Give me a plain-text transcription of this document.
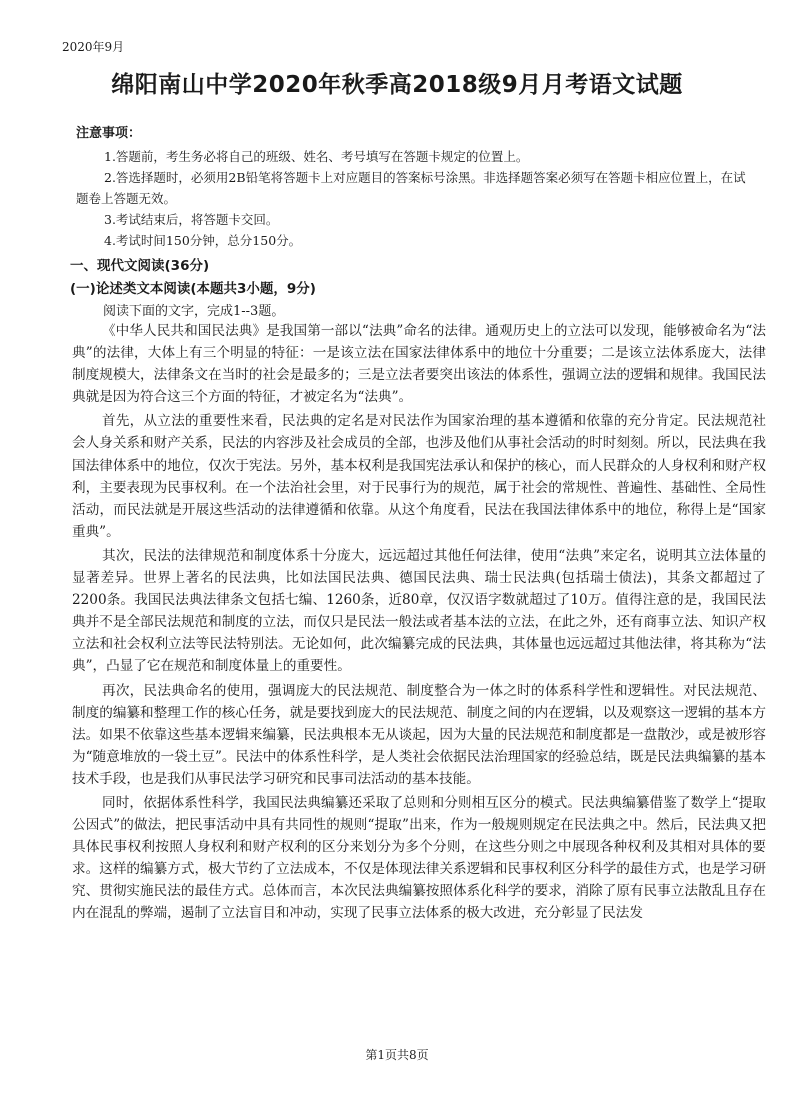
2020年9月
绵阳南山中学2020年秋季高2018级9月月考语文试题
注意事项：

1.答题前，考生务必将自己的班级、姓名、考号填写在答题卡规定的位置上。

2.答选择题时，必须用2B铅笔将答题卡上对应题目的答案标号涂黑。非选择题答案必须写在答题卡相应位置上，在试题卷上答题无效。

3.考试结束后，将答题卡交回。

4.考试时间150分钟，总分150分。

一、现代文阅读(36分)
(一)论述类文本阅读(本题共3小题，9分)
阅读下面的文字，完成1--3题。

《中华人民共和国民法典》是我国第一部以“法典”命名的法律。通观历史上的立法可以发现，能够被命名为“法典”的法律，大体上有三个明显的特征：一是该立法在国家法律体系中的地位十分重要；二是该立法体系庞大，法律制度规模大，法律条文在当时的社会是最多的；三是立法者要突出该法的体系性，强调立法的逻辑和规律。我国民法典就是因为符合这三个方面的特征，才被定名为“法典”。

首先，从立法的重要性来看，民法典的定名是对民法作为国家治理的基本遵循和依靠的充分肯定。民法规范社会人身关系和财产关系，民法的内容涉及社会成员的全部，也涉及他们从事社会活动的时时刻刻。所以，民法典在我国法律体系中的地位，仅次于宪法。另外，基本权利是我国宪法承认和保护的核心，而人民群众的人身权利和财产权利，主要表现为民事权利。在一个法治社会里，对于民事行为的规范，属于社会的常规性、普遍性、基础性、全局性活动，而民法就是开展这些活动的法律遵循和依靠。从这个角度看，民法在我国法律体系中的地位，称得上是“国家重典”。

其次，民法的法律规范和制度体系十分庞大，远远超过其他任何法律，使用“法典”来定名，说明其立法体量的显著差异。世界上著名的民法典，比如法国民法典、德国民法典、瑞士民法典(包括瑞士债法)，其条文都超过了2200条。我国民法典法律条文包括七编、1260条，近80章，仅汉语字数就超过了10万。值得注意的是，我国民法典并不是全部民法规范和制度的立法，而仅只是民法一般法或者基本法的立法，在此之外，还有商事立法、知识产权立法和社会权利立法等民法特别法。无论如何，此次编纂完成的民法典，其体量也远远超过其他法律，将其称为“法典”，凸显了它在规范和制度体量上的重要性。

再次，民法典命名的使用，强调庞大的民法规范、制度整合为一体之时的体系科学性和逻辑性。对民法规范、制度的编纂和整理工作的核心任务，就是要找到庞大的民法规范、制度之间的内在逻辑，以及观察这一逻辑的基本方法。如果不依靠这些基本逻辑来编纂，民法典根本无从谈起，因为大量的民法规范和制度都是一盘散沙，或是被形容为“随意堆放的一袋土豆”。民法中的体系性科学，是人类社会依据民法治理国家的经验总结，既是民法典编纂的基本技术手段，也是我们从事民法学习研究和民事司法活动的基本技能。

同时，依据体系性科学，我国民法典编纂还采取了总则和分则相互区分的模式。民法典编纂借鉴了数学上“提取公因式”的做法，把民事活动中具有共同性的规则“提取”出来，作为一般规则规定在民法典之中。然后，民法典又把具体民事权利按照人身权利和财产权利的区分来划分为多个分则，在这些分则之中展现各种权利及其相对具体的要求。这样的编纂方式，极大节约了立法成本，不仅是体现法律关系逻辑和民事权利区分科学的最佳方式，也是学习研究、贯彻实施民法的最佳方式。总体而言，本次民法典编纂按照体系化科学的要求，消除了原有民事立法散乱且存在内在混乱的弊端，遏制了立法盲目和冲动，实现了民事立法体系的极大改进，充分彰显了民法发

第1页共8页
